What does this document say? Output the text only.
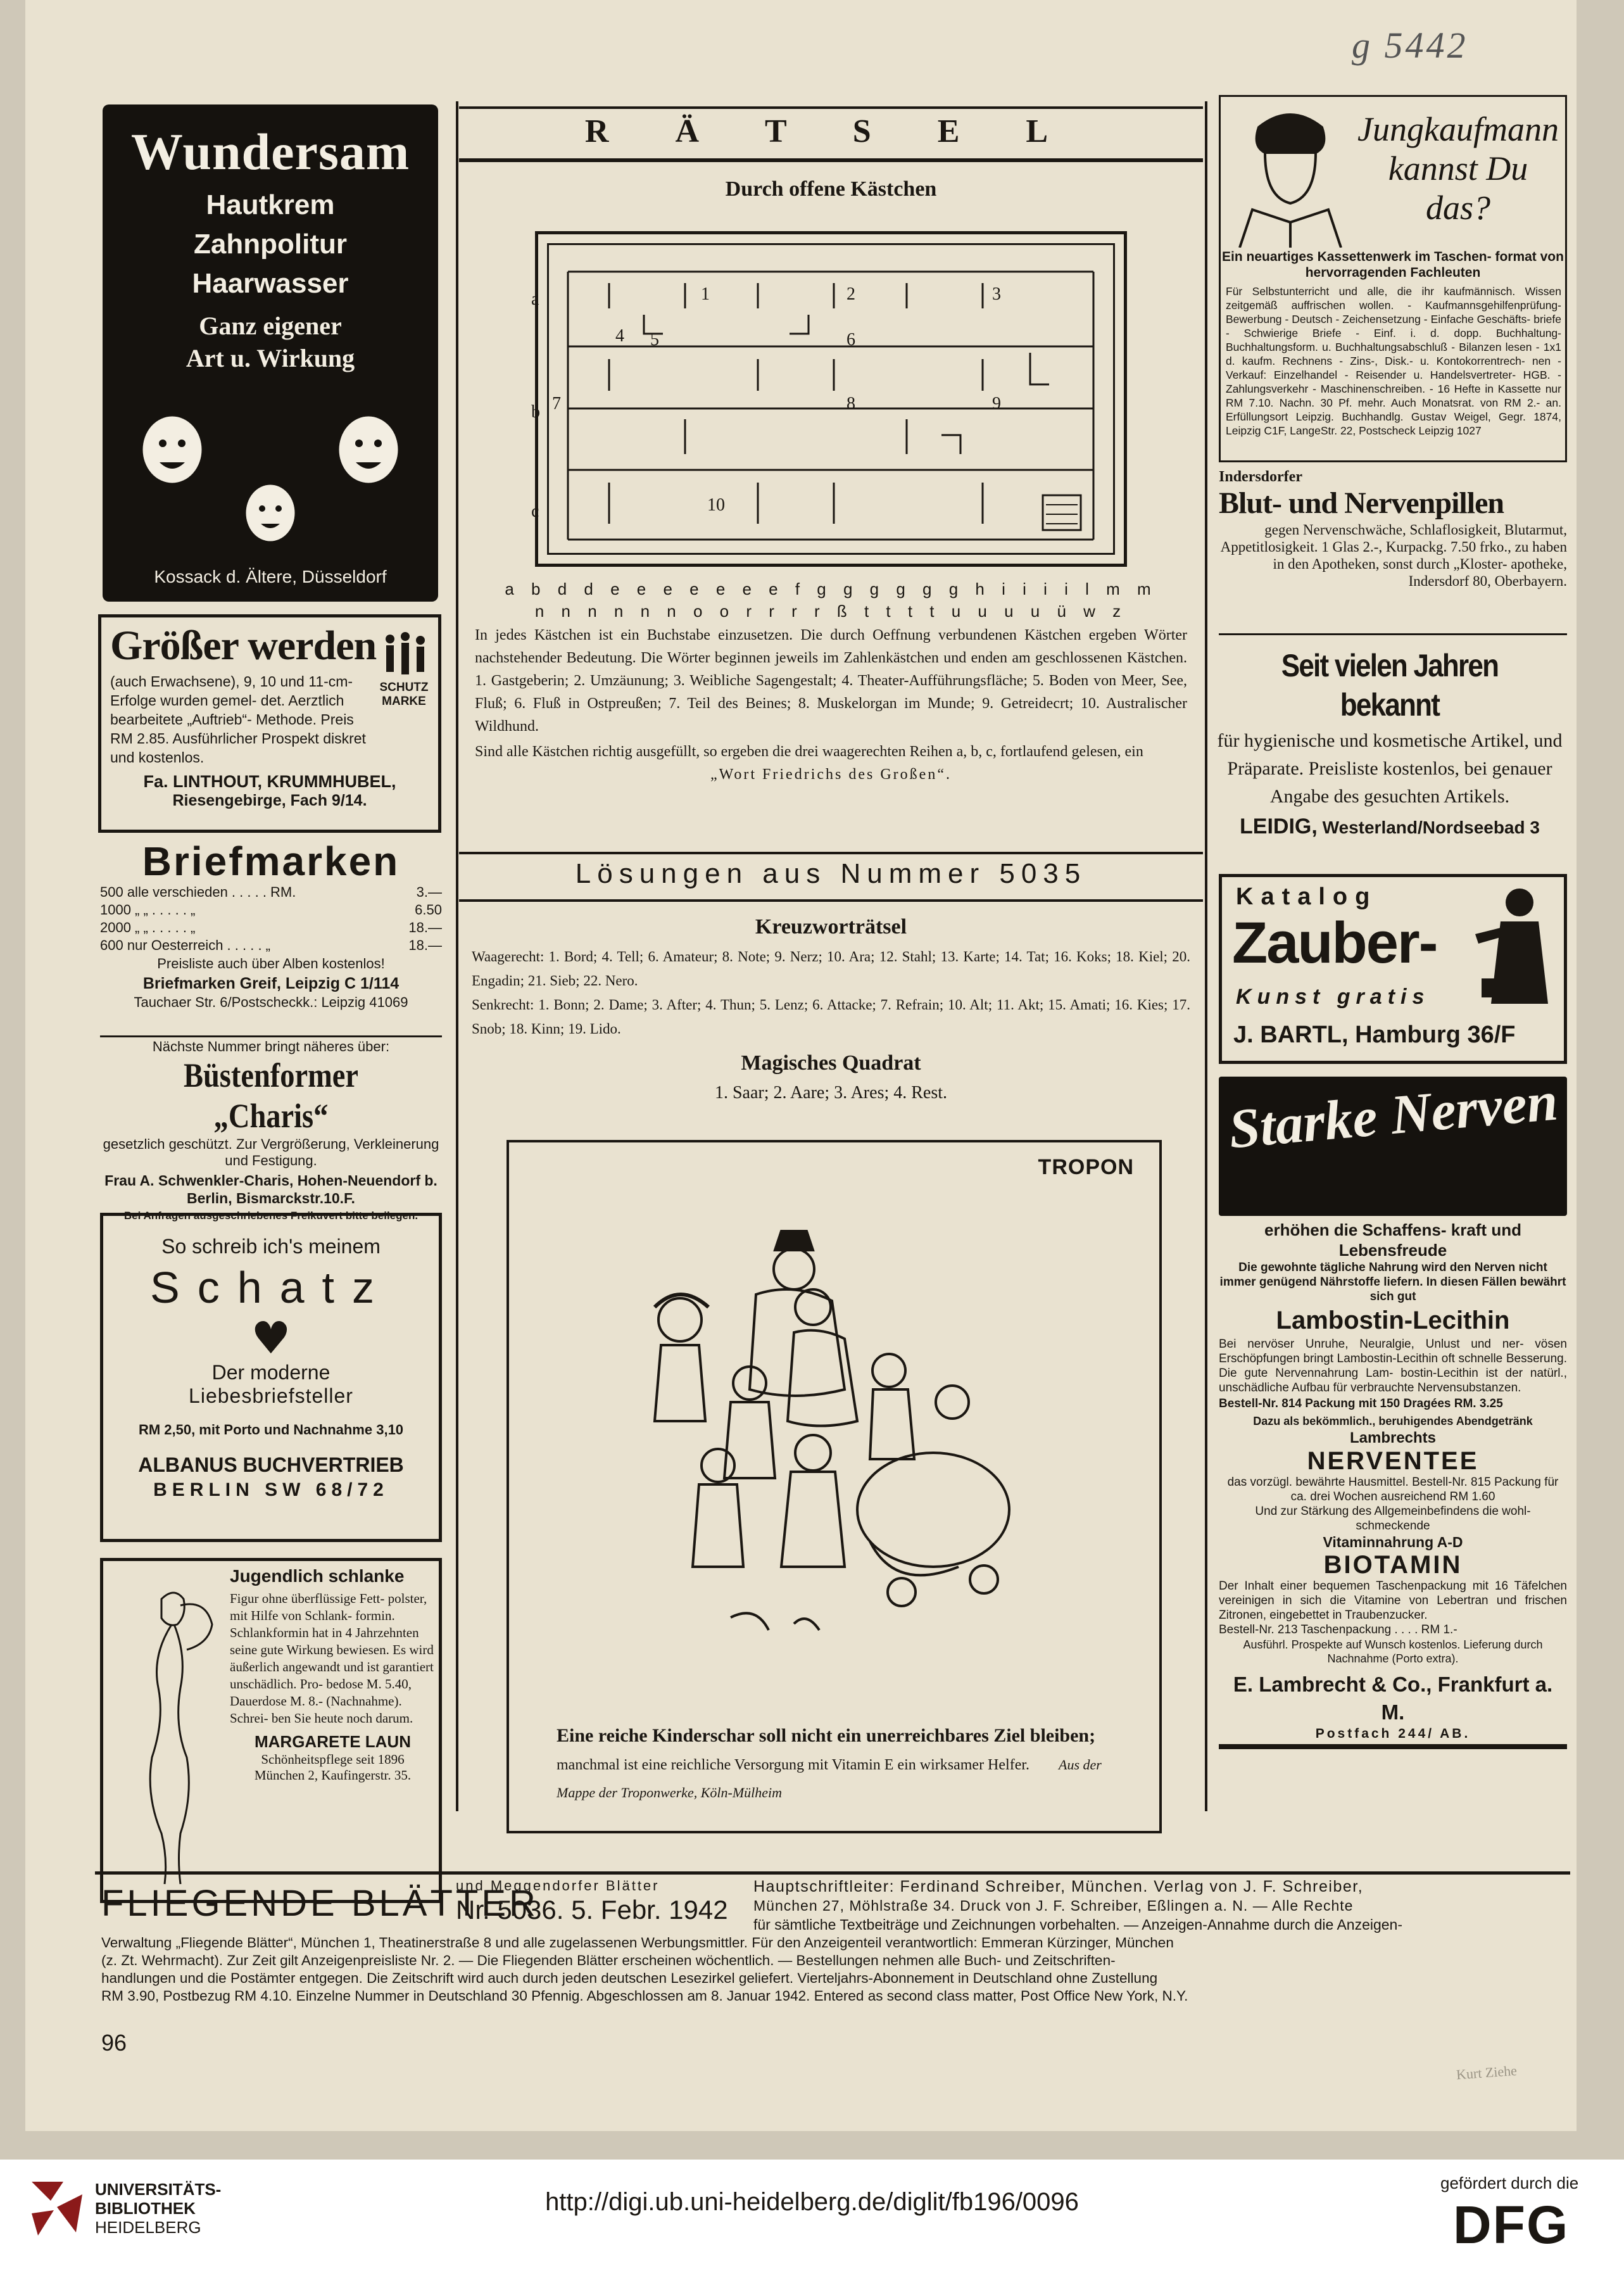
g 5442
Wundersam
Hautkrem
Zahnpolitur
Haarwasser
Ganz eigener
Art u. Wirkung
Kossack d. Ältere, Düsseldorf
Größer werden
SCHUTZ MARKE
(auch Erwachsene), 9, 10 und 11-cm-Erfolge wurden gemel- det. Aerztlich bearbeitete „Auftrieb“- Methode. Preis RM 2.85. Ausführlicher Prospekt diskret und kostenlos.
Fa. LINTHOUT, KRUMMHUBEL,
Riesengebirge, Fach 9/14.
Briefmarken
500 alle verschieden . . . . . RM.	3.—
1000 „ „ . . . . . „	6.50
2000 „ „ . . . . . „	18.—
600 nur Oesterreich . . . . . „	18.—
Preisliste auch über Alben kostenlos!
Briefmarken Greif, Leipzig C 1/114
Tauchaer Str. 6/Postscheckk.: Leipzig 41069
Nächste Nummer bringt näheres über:
Büstenformer „Charis“
gesetzlich geschützt. Zur Vergrößerung, Verkleinerung und Festigung.
Frau A. Schwenkler-Charis, Hohen-Neuendorf b. Berlin, Bismarckstr.10.F.
Bei Anfragen ausgeschriebenes Freikuvert bitte beilegen.
So schreib ich's meinem
Schatz
♥
Der moderne
Liebesbriefsteller
RM 2,50, mit Porto und Nachnahme 3,10
ALBANUS BUCHVERTRIEB
BERLIN SW 68/72
Jugendlich schlanke
Figur ohne überflüssige Fett- polster, mit Hilfe von Schlank- formin. Schlankformin hat in 4 Jahrzehnten seine gute Wirkung bewiesen. Es wird äußerlich angewandt und ist garantiert unschädlich. Pro- bedose M. 5.40, Dauerdose M. 8.- (Nachnahme). Schrei- ben Sie heute noch darum.
MARGARETE LAUN
Schönheitspflege seit 1896
München 2, Kaufingerstr. 35.
R Ä T S E L
Durch offene Kästchen
a
b
c
1	2	3
4 5	6
7	8	9
10
a b d d e e e e e e e f g g g g g g h i i i i l m m
n n n n n n o o r r r r ß t t t t u u u u ü w z

In jedes Kästchen ist ein Buchstabe einzusetzen. Die durch Oeffnung verbundenen Kästchen ergeben Wörter nachstehender Bedeutung. Die Wörter beginnen jeweils im Zahlenkästchen und enden am geschlossenen Kästchen. 1. Gastgeberin; 2. Umzäunung; 3. Weibliche Sagengestalt; 4. Theater-Aufführungsfläche; 5. Boden von Meer, See, Fluß; 6. Fluß in Ostpreußen; 7. Teil des Beines; 8. Muskelorgan im Munde; 9. Getreidecrt; 10. Australischer Wildhund.

Sind alle Kästchen richtig ausgefüllt, so ergeben die drei waagerechten Reihen a, b, c, fortlaufend gelesen, ein

„Wort Friedrichs des Großen“.

Lösungen aus Nummer 5035
Kreuzworträtsel
Waagerecht: 1. Bord; 4. Tell; 6. Amateur; 8. Note; 9. Nerz; 10. Ara; 12. Stahl; 13. Karte; 14. Tat; 16. Koks; 18. Kiel; 20. Engadin; 21. Sieb; 22. Nero.
Senkrecht: 1. Bonn; 2. Dame; 3. After; 4. Thun; 5. Lenz; 6. Attacke; 7. Refrain; 10. Alt; 11. Akt; 15. Amati; 16. Kies; 17. Snob; 18. Kinn; 19. Lido.
Magisches Quadrat
1. Saar; 2. Aare; 3. Ares; 4. Rest.
TROPON
Eine reiche Kinderschar soll nicht ein unerreichbares Ziel bleiben; manchmal ist eine reichliche Versorgung mit Vitamin E ein wirksamer Helfer. Aus der Mappe der Troponwerke, Köln-Mülheim
Jungkaufmann kannst Du das?
Ein neuartiges Kassettenwerk im Taschen- format von hervorragenden Fachleuten
Für Selbstunterricht und alle, die ihr kaufmännisch. Wissen zeitgemäß auffrischen wollen. - Kaufmannsgehilfenprüfung- Bewerbung - Deutsch - Zeichensetzung - Einfache Geschäfts- briefe - Schwierige Briefe - Einf. i. d. dopp. Buchhaltung- Buchhaltungsform. u. Buchhaltungsabschluß - Bilanzen lesen - 1x1 d. kaufm. Rechnens - Zins-, Disk.- u. Kontokorrentrech- nen - Verkauf: Einzelhandel - Reisender u. Handelsvertreter- HGB. - Zahlungsverkehr - Maschinenschreiben. - 16 Hefte in Kassette nur RM 7.10. Nachn. 30 Pf. mehr. Auch Monatsrat. von RM 2.- an. Erfüllungsort Leipzig. Buchhandlg. Gustav Weigel, Gegr. 1874, Leipzig C1F, LangeStr. 22, Postscheck Leipzig 1027
Indersdorfer
Blut- und Nervenpillen
gegen Nervenschwäche, Schlaflosigkeit, Blutarmut, Appetitlosigkeit. 1 Glas 2.-, Kurpackg. 7.50 frko., zu haben in den Apotheken, sonst durch „Kloster- apotheke, Indersdorf 80, Oberbayern.
Seit vielen Jahren bekannt
für hygienische und kosmetische Artikel, und Präparate. Preisliste kostenlos, bei genauer Angabe des gesuchten Artikels.
LEIDIG, Westerland/Nordseebad 3
Katalog
Zauber-
Kunst gratis
J. BARTL, Hamburg 36/F
Starke Nerven
erhöhen die Schaffens- kraft und Lebensfreude
Die gewohnte tägliche Nahrung wird den Nerven nicht immer genügend Nährstoffe liefern. In diesen Fällen bewährt sich gut
Lambostin-Lecithin
Bei nervöser Unruhe, Neuralgie, Unlust und ner- vösen Erschöpfungen bringt Lambostin-Lecithin oft schnelle Besserung. Die gute Nervennahrung Lam- bostin-Lecithin ist der natürl., unschädliche Aufbau für verbrauchte Nervensubstanzen.
Bestell-Nr. 814 Packung mit 150 Dragées RM. 3.25
Dazu als bekömmlich., beruhigendes Abendgetränk
Lambrechts
NERVENTEE
das vorzügl. bewährte Hausmittel. Bestell-Nr. 815 Packung für ca. drei Wochen ausreichend RM 1.60
Und zur Stärkung des Allgemeinbefindens die wohl- schmeckende
Vitaminnahrung A-D
BIOTAMIN
Der Inhalt einer bequemen Taschenpackung mit 16 Täfelchen vereinigen in sich die Vitamine von Lebertran und frischen Zitronen, eingebettet in Traubenzucker.
Bestell-Nr. 213 Taschenpackung . . . . RM 1.-
Ausführl. Prospekte auf Wunsch kostenlos. Lieferung durch Nachnahme (Porto extra).
E. Lambrecht & Co., Frankfurt a. M.
Postfach 244/ AB.
FLIEGENDE BLÄTTER
und Meggendorfer Blätter
Nr. 5036. 5. Febr. 1942
Hauptschriftleiter: Ferdinand Schreiber, München. Verlag von J. F. Schreiber,
München 27, Möhlstraße 34. Druck von J. F. Schreiber, Eßlingen a. N. — Alle Rechte
für sämtliche Textbeiträge und Zeichnungen vorbehalten. — Anzeigen-Annahme durch die Anzeigen-
Verwaltung „Fliegende Blätter“, München 1, Theatinerstraße 8 und alle zugelassenen Werbungsmittler. Für den Anzeigenteil verantwortlich: Emmeran Kürzinger, München
(z. Zt. Wehrmacht). Zur Zeit gilt Anzeigenpreisliste Nr. 2. — Die Fliegenden Blätter erscheinen wöchentlich. — Bestellungen nehmen alle Buch- und Zeitschriften-
handlungen und die Postämter entgegen. Die Zeitschrift wird auch durch jeden deutschen Lesezirkel geliefert. Vierteljahrs-Abonnement in Deutschland ohne Zustellung
RM 3.90, Postbezug RM 4.10. Einzelne Nummer in Deutschland 30 Pfennig. Abgeschlossen am 8. Januar 1942. Entered as second class matter, Post Office New York, N.Y.
96
Kurt Ziehe
UNIVERSITÄTS-
BIBLIOTHEK
HEIDELBERG
http://digi.ub.uni-heidelberg.de/diglit/fb196/0096
gefördert durch die
DFG
